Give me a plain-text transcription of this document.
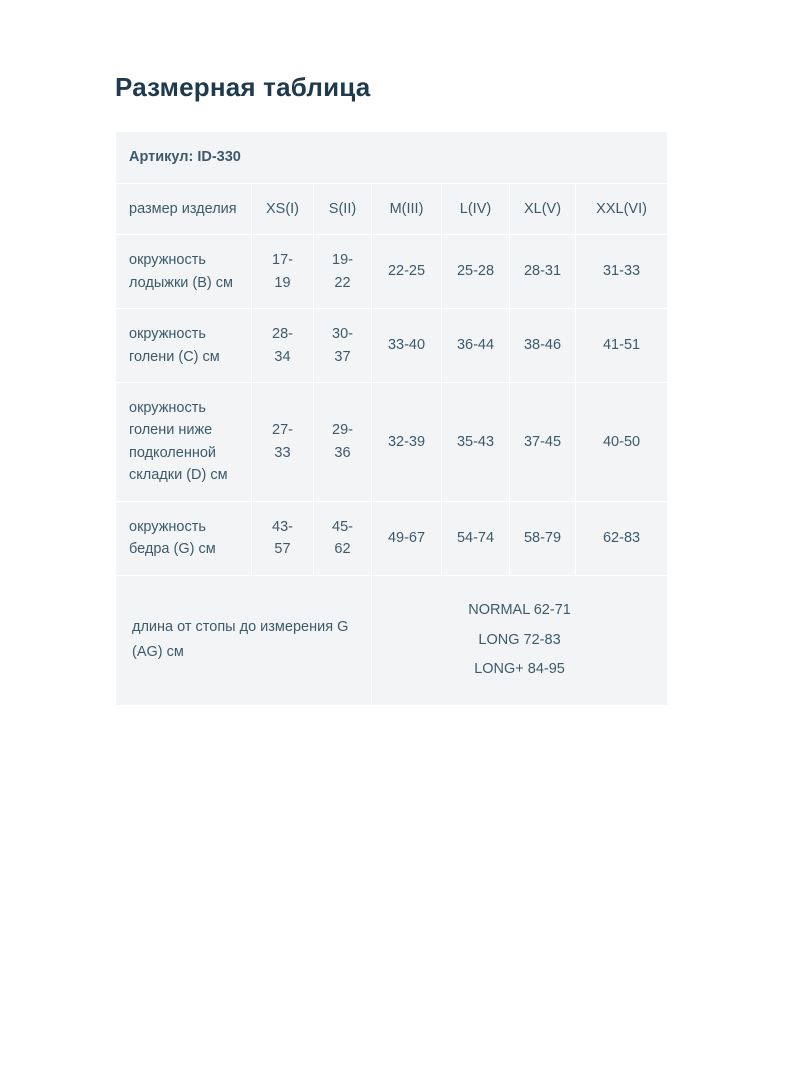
Размерная таблица
Артикул: ID-330						
размер изделия	XS(I)	S(II)	M(III)	L(IV)	XL(V)	XXL(VI)
окружность лодыжки (B) см	17-19	19-22	22-25	25-28	28-31	31-33
окружность голени (C) см	28-34	30-37	33-40	36-44	38-46	41-51
окружность голени ниже подколенной складки (D) см	27-33	29-36	32-39	35-43	37-45	40-50
окружность бедра (G) см	43-57	45-62	49-67	54-74	58-79	62-83
длина от стопы до измерения G (AG) см			NORMAL 62-71
LONG 72-83
LONG+ 84-95			
